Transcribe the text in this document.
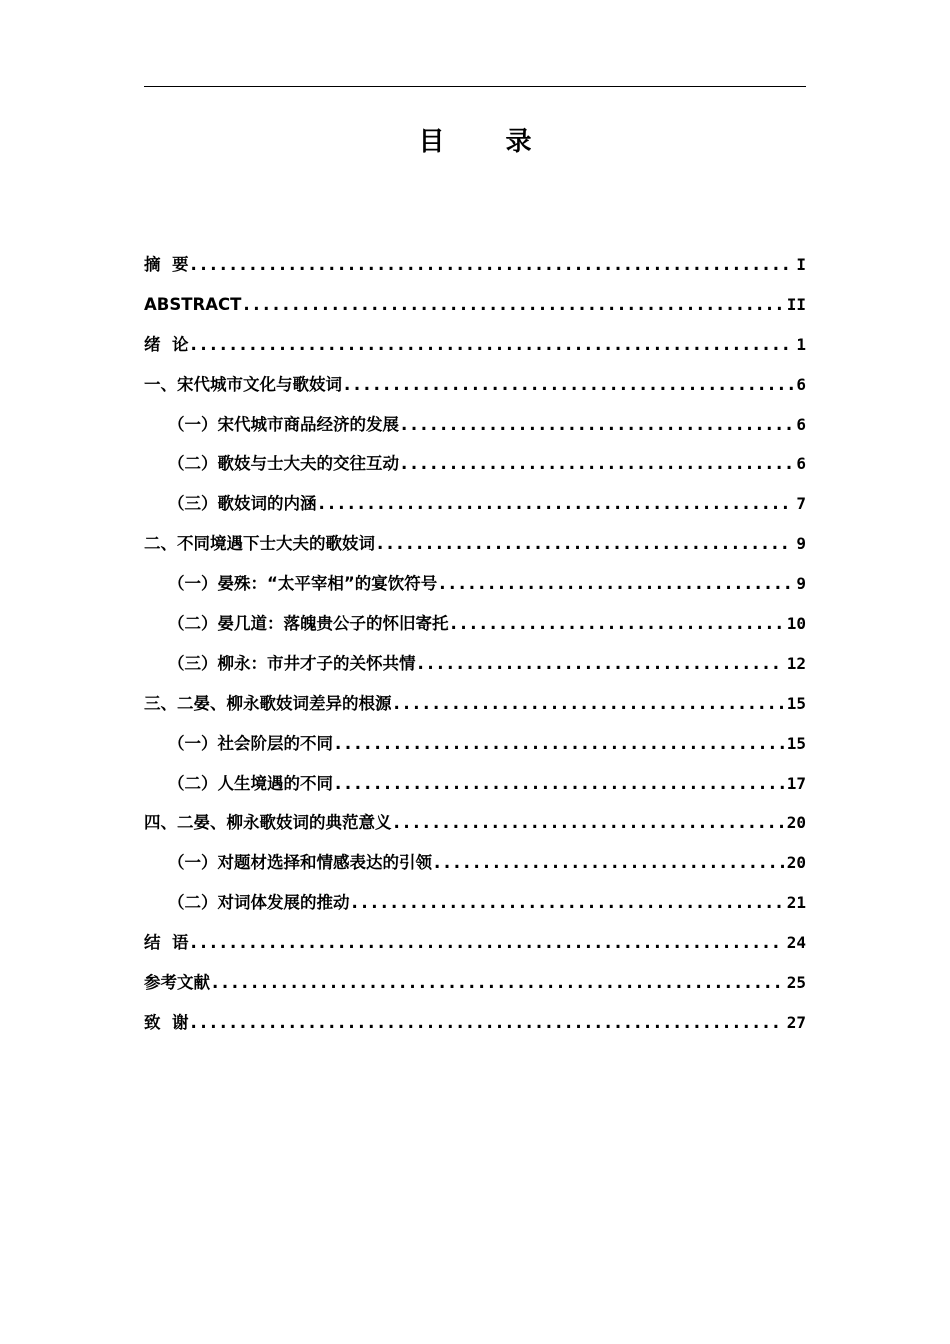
目 录
摘  要 .....	I
ABSTRACT .....	II
绪  论 .....	1
一、宋代城市文化与歌妓词 .....	6
（一）宋代城市商品经济的发展 .....	6
（二）歌妓与士大夫的交往互动 .....	6
（三）歌妓词的内涵 .....	7
二、不同境遇下士大夫的歌妓词 .....	9
（一）晏殊：“太平宰相”的宴饮符号 .....	9
（二）晏几道：落魄贵公子的怀旧寄托 .....	10
（三）柳永：市井才子的关怀共情 .....	12
三、二晏、柳永歌妓词差异的根源 .....	15
（一）社会阶层的不同 .....	15
（二）人生境遇的不同 .....	17
四、二晏、柳永歌妓词的典范意义 .....	20
（一）对题材选择和情感表达的引领 .....	20
（二）对词体发展的推动 .....	21
结  语 .....	24
参考文献 .....	25
致  谢 .....	27
